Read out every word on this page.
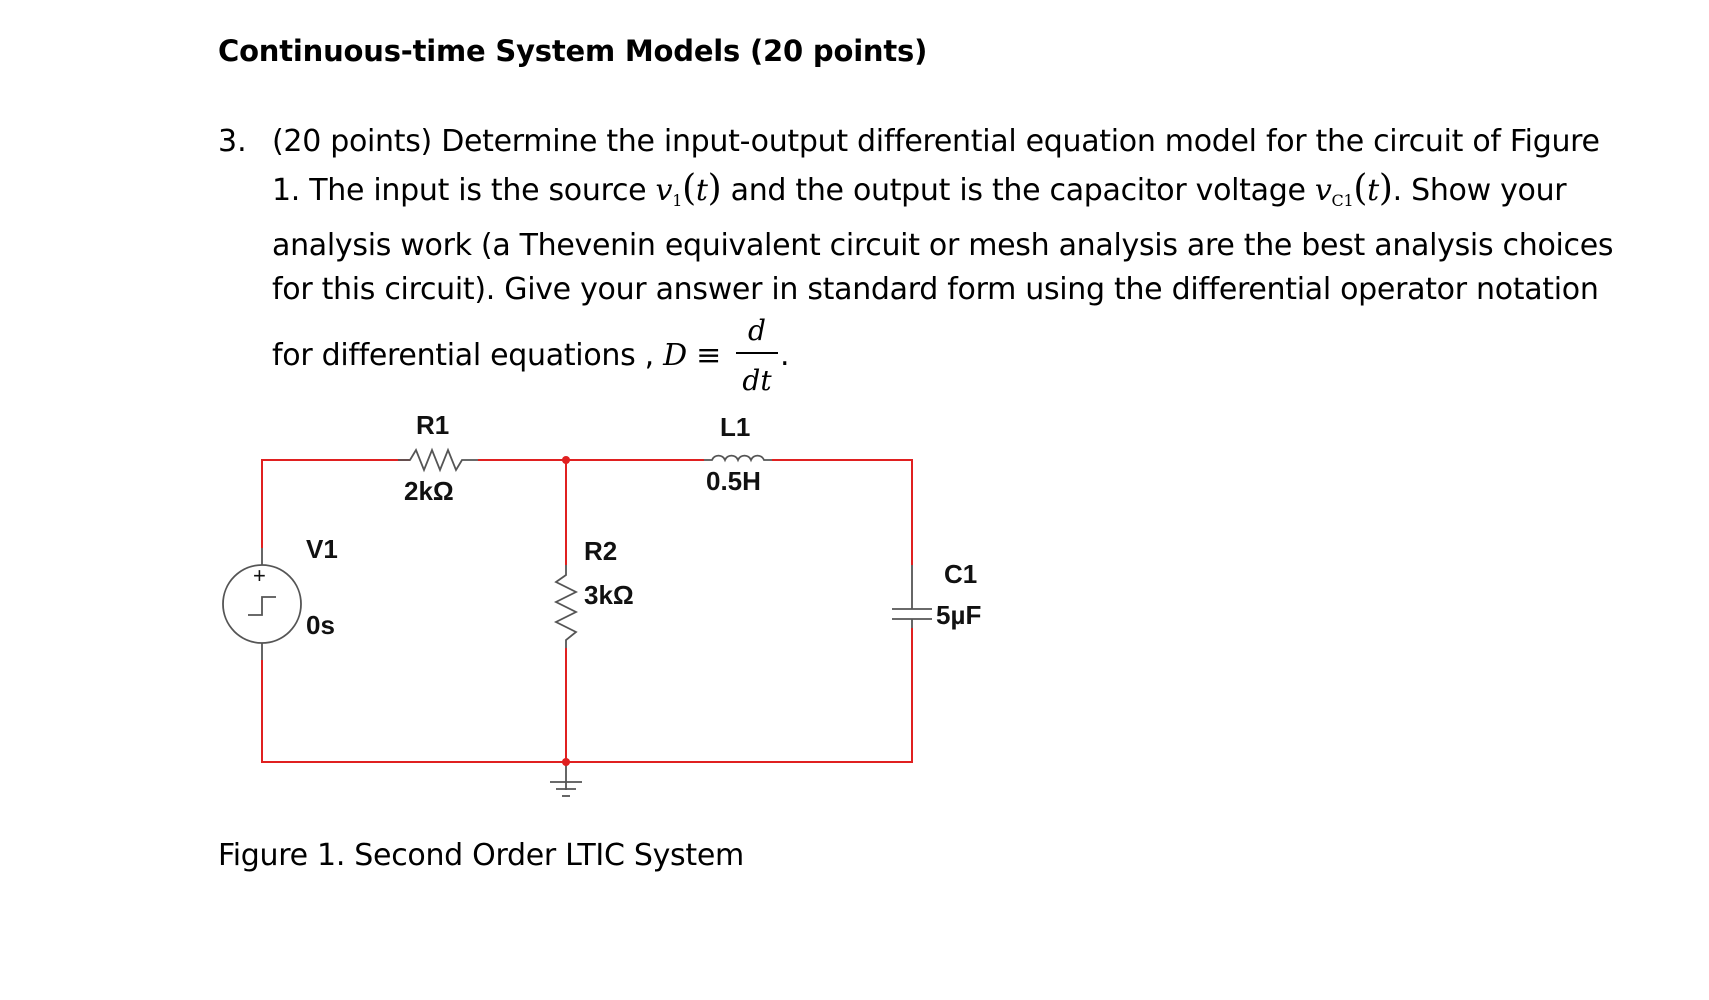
Continuous-time System Models (20 points)
3. (20 points) Determine the input-output differential equation model for the circuit of Figure
1. The input is the source $v_1(t)$ and the output is the capacitor voltage $v_{C1}(t)$. Show your
analysis work (a Thevenin equivalent circuit or mesh analysis are the best analysis choices
for this circuit). Give your answer in standard form using the differential operator notation
for differential equations , D ≡
d
dt
.
R1
2kΩ
L1
0.5H
V1
0s
+
R2
3kΩ
C1
5µF
Figure 1. Second Order LTIC System
